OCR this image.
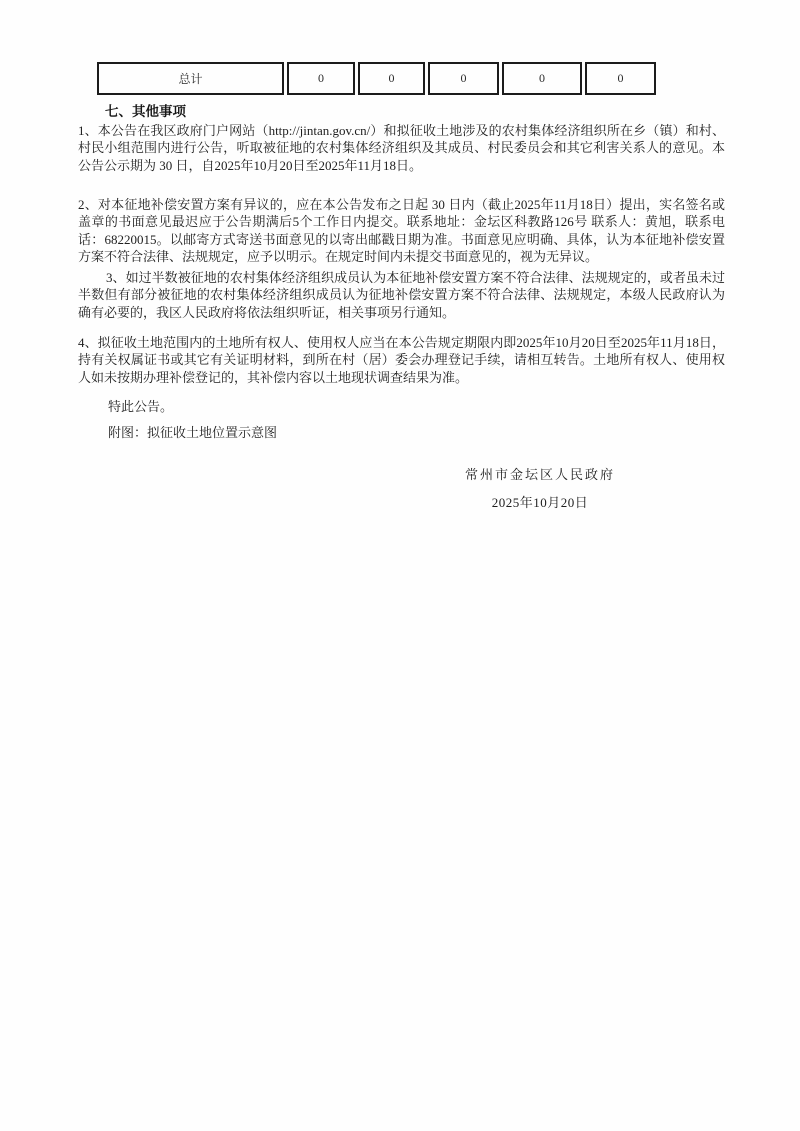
总计	0	0	0	0	0
七、其他事项
1、本公告在我区政府门户网站（http://jintan.gov.cn/）和拟征收土地涉及的农村集体经济组织所在乡（镇）和村、村民小组范围内进行公告，听取被征地的农村集体经济组织及其成员、村民委员会和其它利害关系人的意见。本公告公示期为 30 日，自2025年10月20日至2025年11月18日。
2、对本征地补偿安置方案有异议的，应在本公告发布之日起 30 日内（截止2025年11月18日）提出，实名签名或盖章的书面意见最迟应于公告期满后5个工作日内提交。联系地址：金坛区科教路126号 联系人：黄旭，联系电话：68220015。以邮寄方式寄送书面意见的以寄出邮戳日期为准。书面意见应明确、具体，认为本征地补偿安置方案不符合法律、法规规定，应予以明示。在规定时间内未提交书面意见的，视为无异议。
3、如过半数被征地的农村集体经济组织成员认为本征地补偿安置方案不符合法律、法规规定的，或者虽未过半数但有部分被征地的农村集体经济组织成员认为征地补偿安置方案不符合法律、法规规定，本级人民政府认为确有必要的，我区人民政府将依法组织听证，相关事项另行通知。
4、拟征收土地范围内的土地所有权人、使用权人应当在本公告规定期限内即2025年10月20日至2025年11月18日，持有关权属证书或其它有关证明材料，到所在村（居）委会办理登记手续，请相互转告。土地所有权人、使用权人如未按期办理补偿登记的，其补偿内容以土地现状调查结果为准。
特此公告。
附图：拟征收土地位置示意图
常州市金坛区人民政府
2025年10月20日
